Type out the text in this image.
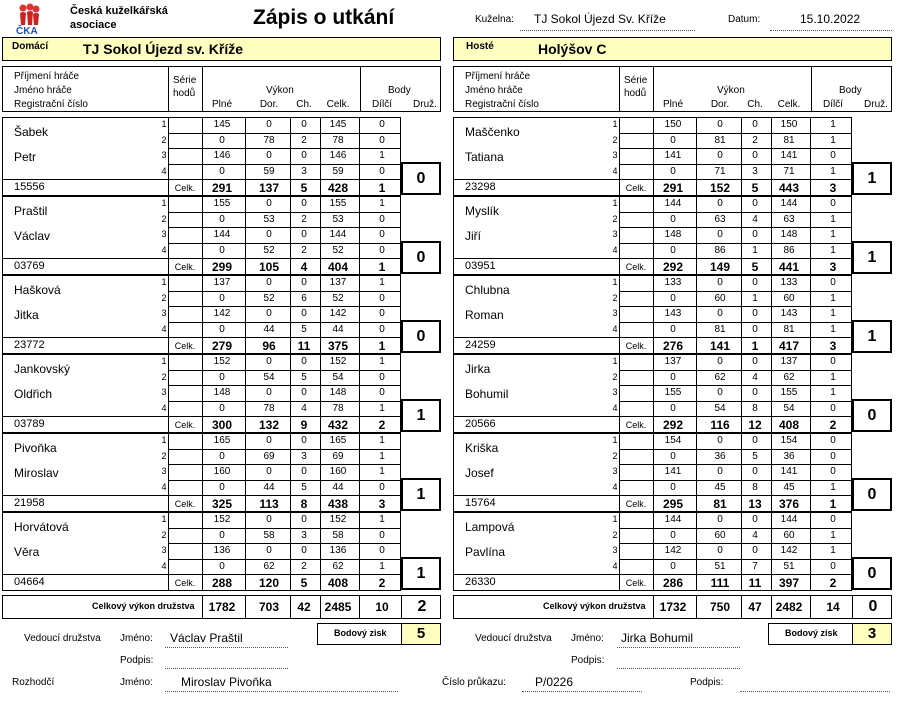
ČKA
Česká kuželkářská
asociace	Zápis o utkání	Kuželna: TJ Sokol Újezd Sv. Kříže	Datum:	15.10.2022
Domácí TJ Sokol Újezd sv. Kříže	Hosté	Holýšov C
Příjmení hráče
Jméno hráče
Registrační číslo
Série
hodů	Výkon	Body
Plné	Dor.	Ch.	Celk.	Dílčí	Druž.
Šabek
Petr
15556
1	145	0	0	145	0
2	0	78	2	78	0
3	146	0	0	146	1
4	0	59	3	59	0
Celk.	291	137	5	428	1
0
Praštil
Václav
03769
1	155	0	0	155	1
2	0	53	2	53	0
3	144	0	0	144	0
4	0	52	2	52	0
Celk.	299	105	4	404	1
0
Hašková
Jitka
23772
1	137	0	0	137	1
2	0	52	6	52	0
3	142	0	0	142	0
4	0	44	5	44	0
Celk.	279	96	11	375	1
0
Jankovský
Oldřich
03789
1	152	0	0	152	1
2	0	54	5	54	0
3	148	0	0	148	0
4	0	78	4	78	1
Celk.	300	132	9	432	2
1
Pivoňka
Miroslav
21958
1	165	0	0	165	1
2	0	69	3	69	1
3	160	0	0	160	1
4	0	44	5	44	0
Celk.	325	113	8	438	3
1
Horvátová
Věra
04664
1	152	0	0	152	1
2	0	58	3	58	0
3	136	0	0	136	0
4	0	62	2	62	1
Celk.	288	120	5	408	2
1
Celkový výkon družstva	1782	703	42	2485	10	2
Bodový zisk	5
Příjmení hráče
Jméno hráče
Registrační číslo
Série
hodů	Výkon	Body
Plné	Dor.	Ch.	Celk.	Dílčí	Druž.
Maščenko
Tatiana
23298
1	150	0	0	150	1
2	0	81	2	81	1
3	141	0	0	141	0
4	0	71	3	71	1
Celk.	291	152	5	443	3
1
Myslík
Jiří
03951
1	144	0	0	144	0
2	0	63	4	63	1
3	148	0	0	148	1
4	0	86	1	86	1
Celk.	292	149	5	441	3
1
Chlubna
Roman
24259
1	133	0	0	133	0
2	0	60	1	60	1
3	143	0	0	143	1
4	0	81	0	81	1
Celk.	276	141	1	417	3
1
Jirka
Bohumil
20566
1	137	0	0	137	0
2	0	62	4	62	1
3	155	0	0	155	1
4	0	54	8	54	0
Celk.	292	116	12	408	2
0
Kriška
Josef
15764
1	154	0	0	154	0
2	0	36	5	36	0
3	141	0	0	141	0
4	0	45	8	45	1
Celk.	295	81	13	376	1
0
Lampová
Pavlína
26330
1	144	0	0	144	0
2	0	60	4	60	1
3	142	0	0	142	1
4	0	51	7	51	0
Celk.	286	111	11	397	2
0
Celkový výkon družstva	1732	750	47	2482	14	0
Bodový zisk	3
Vedoucí družstva Jméno: Václav Praštil
Podpis:
Vedoucí družstva Jméno: Jirka Bohumil
Podpis:
Rozhodčí	Jméno: Miroslav Pivoňka	Číslo průkazu: P/0226	Podpis:
